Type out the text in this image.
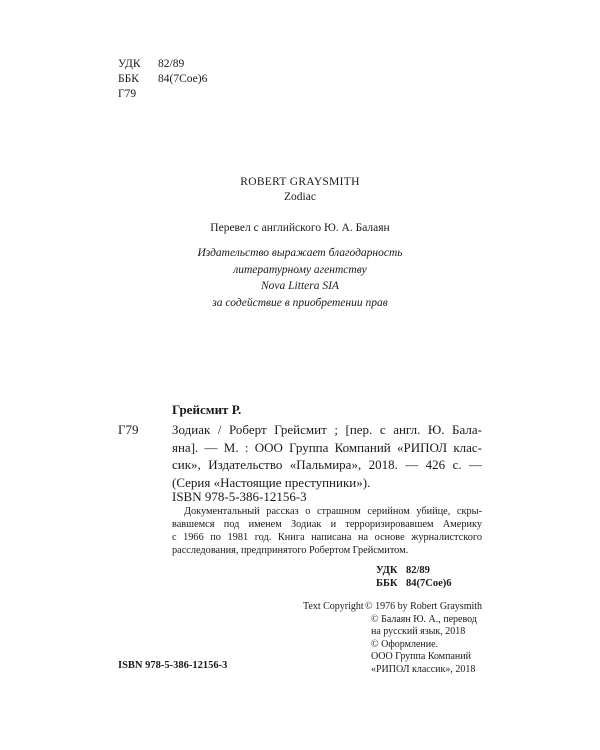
УДК 82/89
ББК 84(7Сое)6
Г79
ROBERT GRAYSMITH
Zodiac
Перевел с английского Ю. А. Балаян
Издательство выражает благодарность
литературному агентству
Nova Littera SIA
за содействие в приобретении прав
Грейсмит Р.
Г79	Зодиак / Роберт Грейсмит ; [пер. с англ. Ю. Бала-
яна]. — М. : ООО Группа Компаний «РИПОЛ клас-
сик», Издательство «Пальмира», 2018. — 426 с. —
(Серия «Настоящие преступники»).
ISBN 978-5-386-12156-3
Документальный рассказ о страшном серийном убийце, скры-
вавшемся под именем Зодиак и терроризировавшем Америку
с 1966 по 1981 год. Книга написана на основе журналистского
расследования, предпринятого Робертом Грейсмитом.
УДК 82/89
ББК 84(7Сое)6
Text Copyright© 1976 by Robert Graysmith
© Балаян Ю. А., перевод
на русский язык, 2018
© Оформление.
ООО Группа Компаний
«РИПОЛ классик», 2018
ISBN 978-5-386-12156-3
